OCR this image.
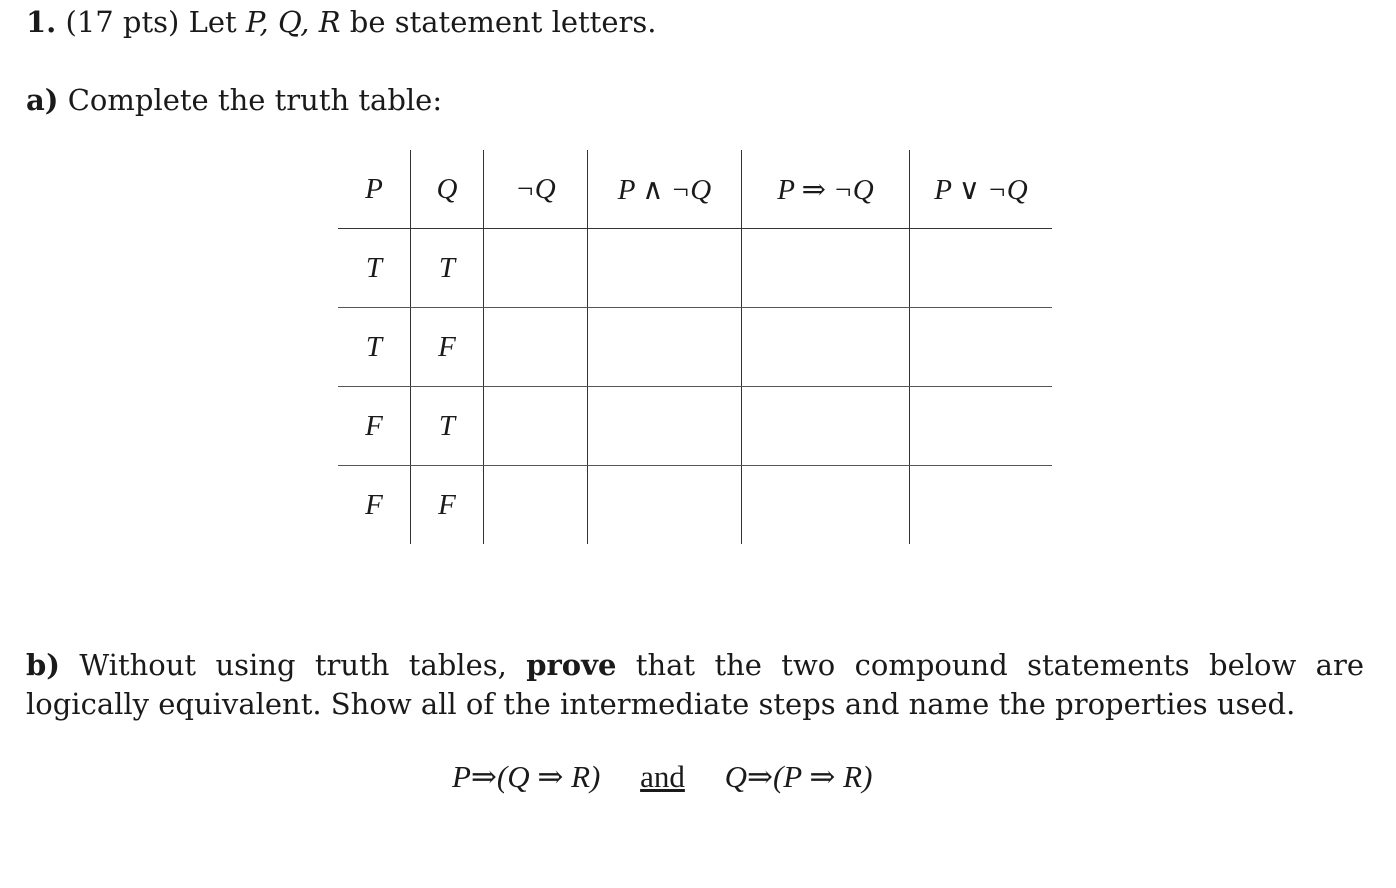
1. (17 pts) Let P, Q, R be statement letters.
a) Complete the truth table:
P	Q	¬Q	P ∧ ¬Q	P ⇒ ¬Q	P ∨ ¬Q
T	T				
T	F				
F	T				
F	F				
b) Without using truth tables, prove that the two compound statements below are logically equivalent. Show all of the intermediate steps and name the properties used.
P⇒(Q ⇒ R) and Q⇒(P ⇒ R)
